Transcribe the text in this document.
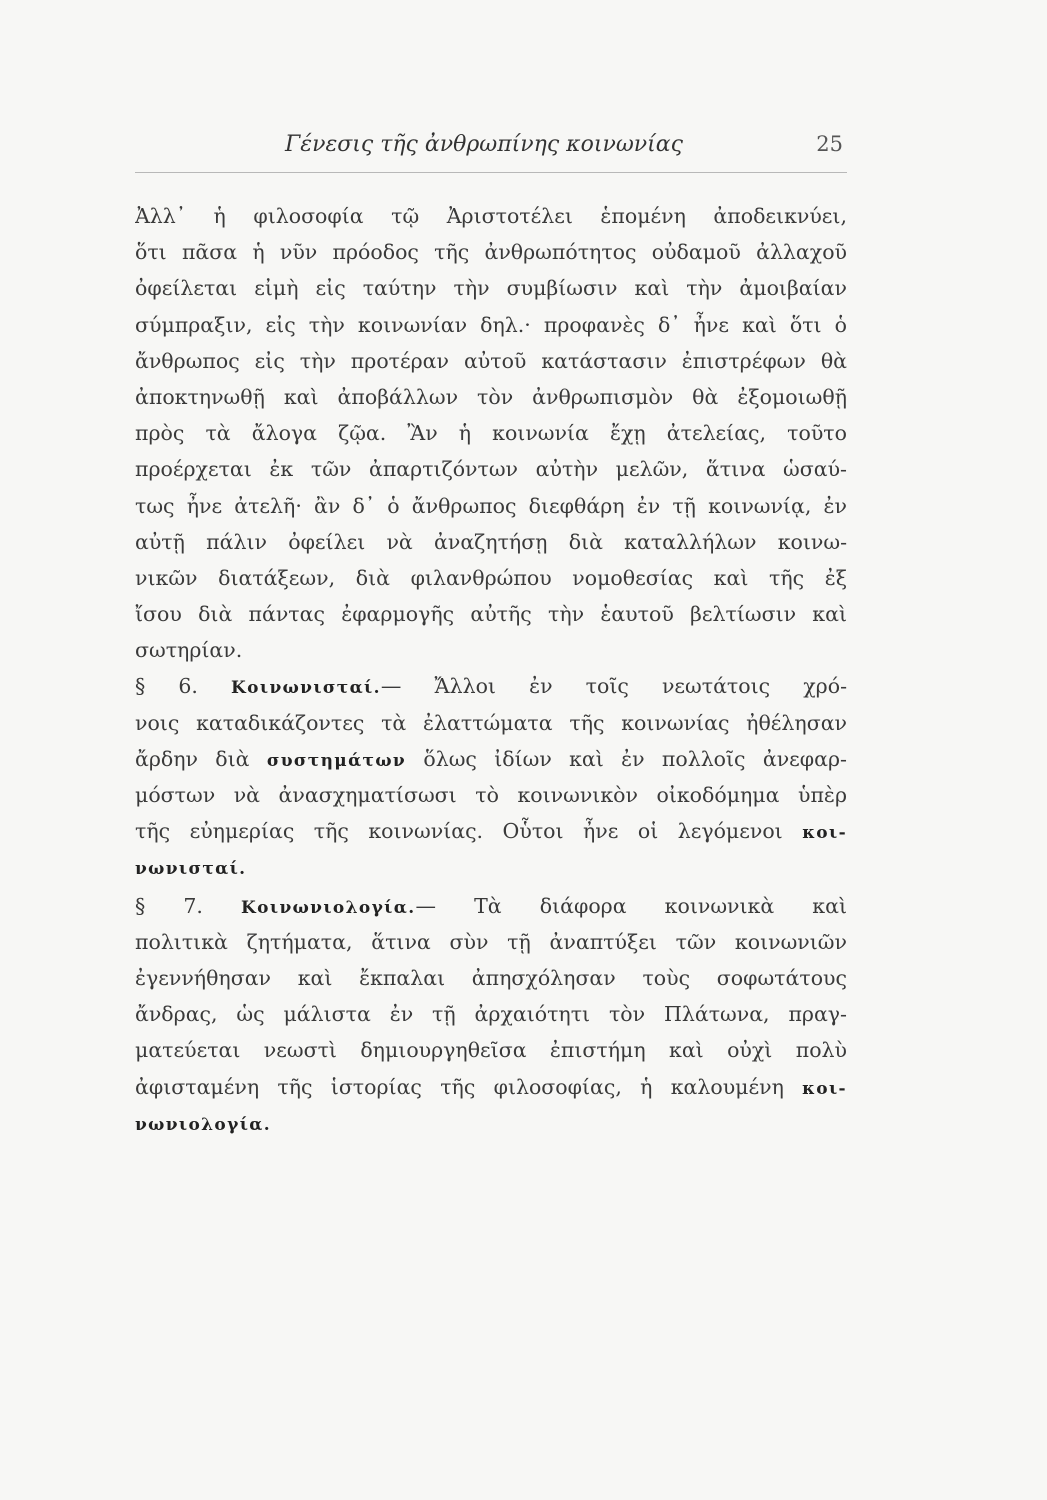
Γένεσις τῆς ἀνθρωπίνης κοινωνίας	25
Ἀλλ᾿ ἡ φιλοσοφία τῷ Ἀριστοτέλει ἑπομένη ἀποδεικνύει,
ὅτι πᾶσα ἡ νῦν πρόοδος τῆς ἀνθρωπότητος οὐδαμοῦ ἀλλαχοῦ
ὀφείλεται εἰμὴ εἰς ταύτην τὴν συμβίωσιν καὶ τὴν ἀμοιβαίαν
σύμπραξιν, εἰς τὴν κοινωνίαν δηλ.· προφανὲς δ᾿ ἦνε καὶ ὅτι ὁ
ἄνθρωπος εἰς τὴν προτέραν αὐτοῦ κατάστασιν ἐπιστρέφων θὰ
ἀποκτηνωθῇ καὶ ἀποβάλλων τὸν ἀνθρωπισμὸν θὰ ἐξομοιωθῇ
πρὸς τὰ ἄλογα ζῷα. Ἂν ἡ κοινωνία ἔχῃ ἀτελείας, τοῦτο
προέρχεται ἐκ τῶν ἀπαρτιζόντων αὐτὴν μελῶν, ἅτινα ὡσαύ-
τως ἦνε ἀτελῆ· ἂν δ᾿ ὁ ἄνθρωπος διεφθάρη ἐν τῇ κοινωνίᾳ, ἐν
αὐτῇ πάλιν ὀφείλει νὰ ἀναζητήσῃ διὰ καταλλήλων κοινω-
νικῶν διατάξεων, διὰ φιλανθρώπου νομοθεσίας καὶ τῆς ἐξ
ἴσου διὰ πάντας ἐφαρμογῆς αὐτῆς τὴν ἑαυτοῦ βελτίωσιν καὶ
σωτηρίαν.
§ 6. Κοινωνισταί.— Ἄλλοι ἐν τοῖς νεωτάτοις χρό-
νοις καταδικάζοντες τὰ ἐλαττώματα τῆς κοινωνίας ἠθέλησαν
ἄρδην διὰ συστημάτων ὅλως ἰδίων καὶ ἐν πολλοῖς ἀνεφαρ-
μόστων νὰ ἀνασχηματίσωσι τὸ κοινωνικὸν οἰκοδόμημα ὑπὲρ
τῆς εὐημερίας τῆς κοινωνίας. Οὗτοι ἦνε οἱ λεγόμενοι κοι-
νωνισταί.
§ 7. Κοινωνιολογία.— Τὰ διάφορα κοινωνικὰ καὶ
πολιτικὰ ζητήματα, ἅτινα σὺν τῇ ἀναπτύξει τῶν κοινωνιῶν
ἐγεννήθησαν καὶ ἔκπαλαι ἀπησχόλησαν τοὺς σοφωτάτους
ἄνδρας, ὡς μάλιστα ἐν τῇ ἀρχαιότητι τὸν Πλάτωνα, πραγ-
ματεύεται νεωστὶ δημιουργηθεῖσα ἐπιστήμη καὶ οὐχὶ πολὺ
ἀφισταμένη τῆς ἱστορίας τῆς φιλοσοφίας, ἡ καλουμένη κοι-
νωνιολογία.
